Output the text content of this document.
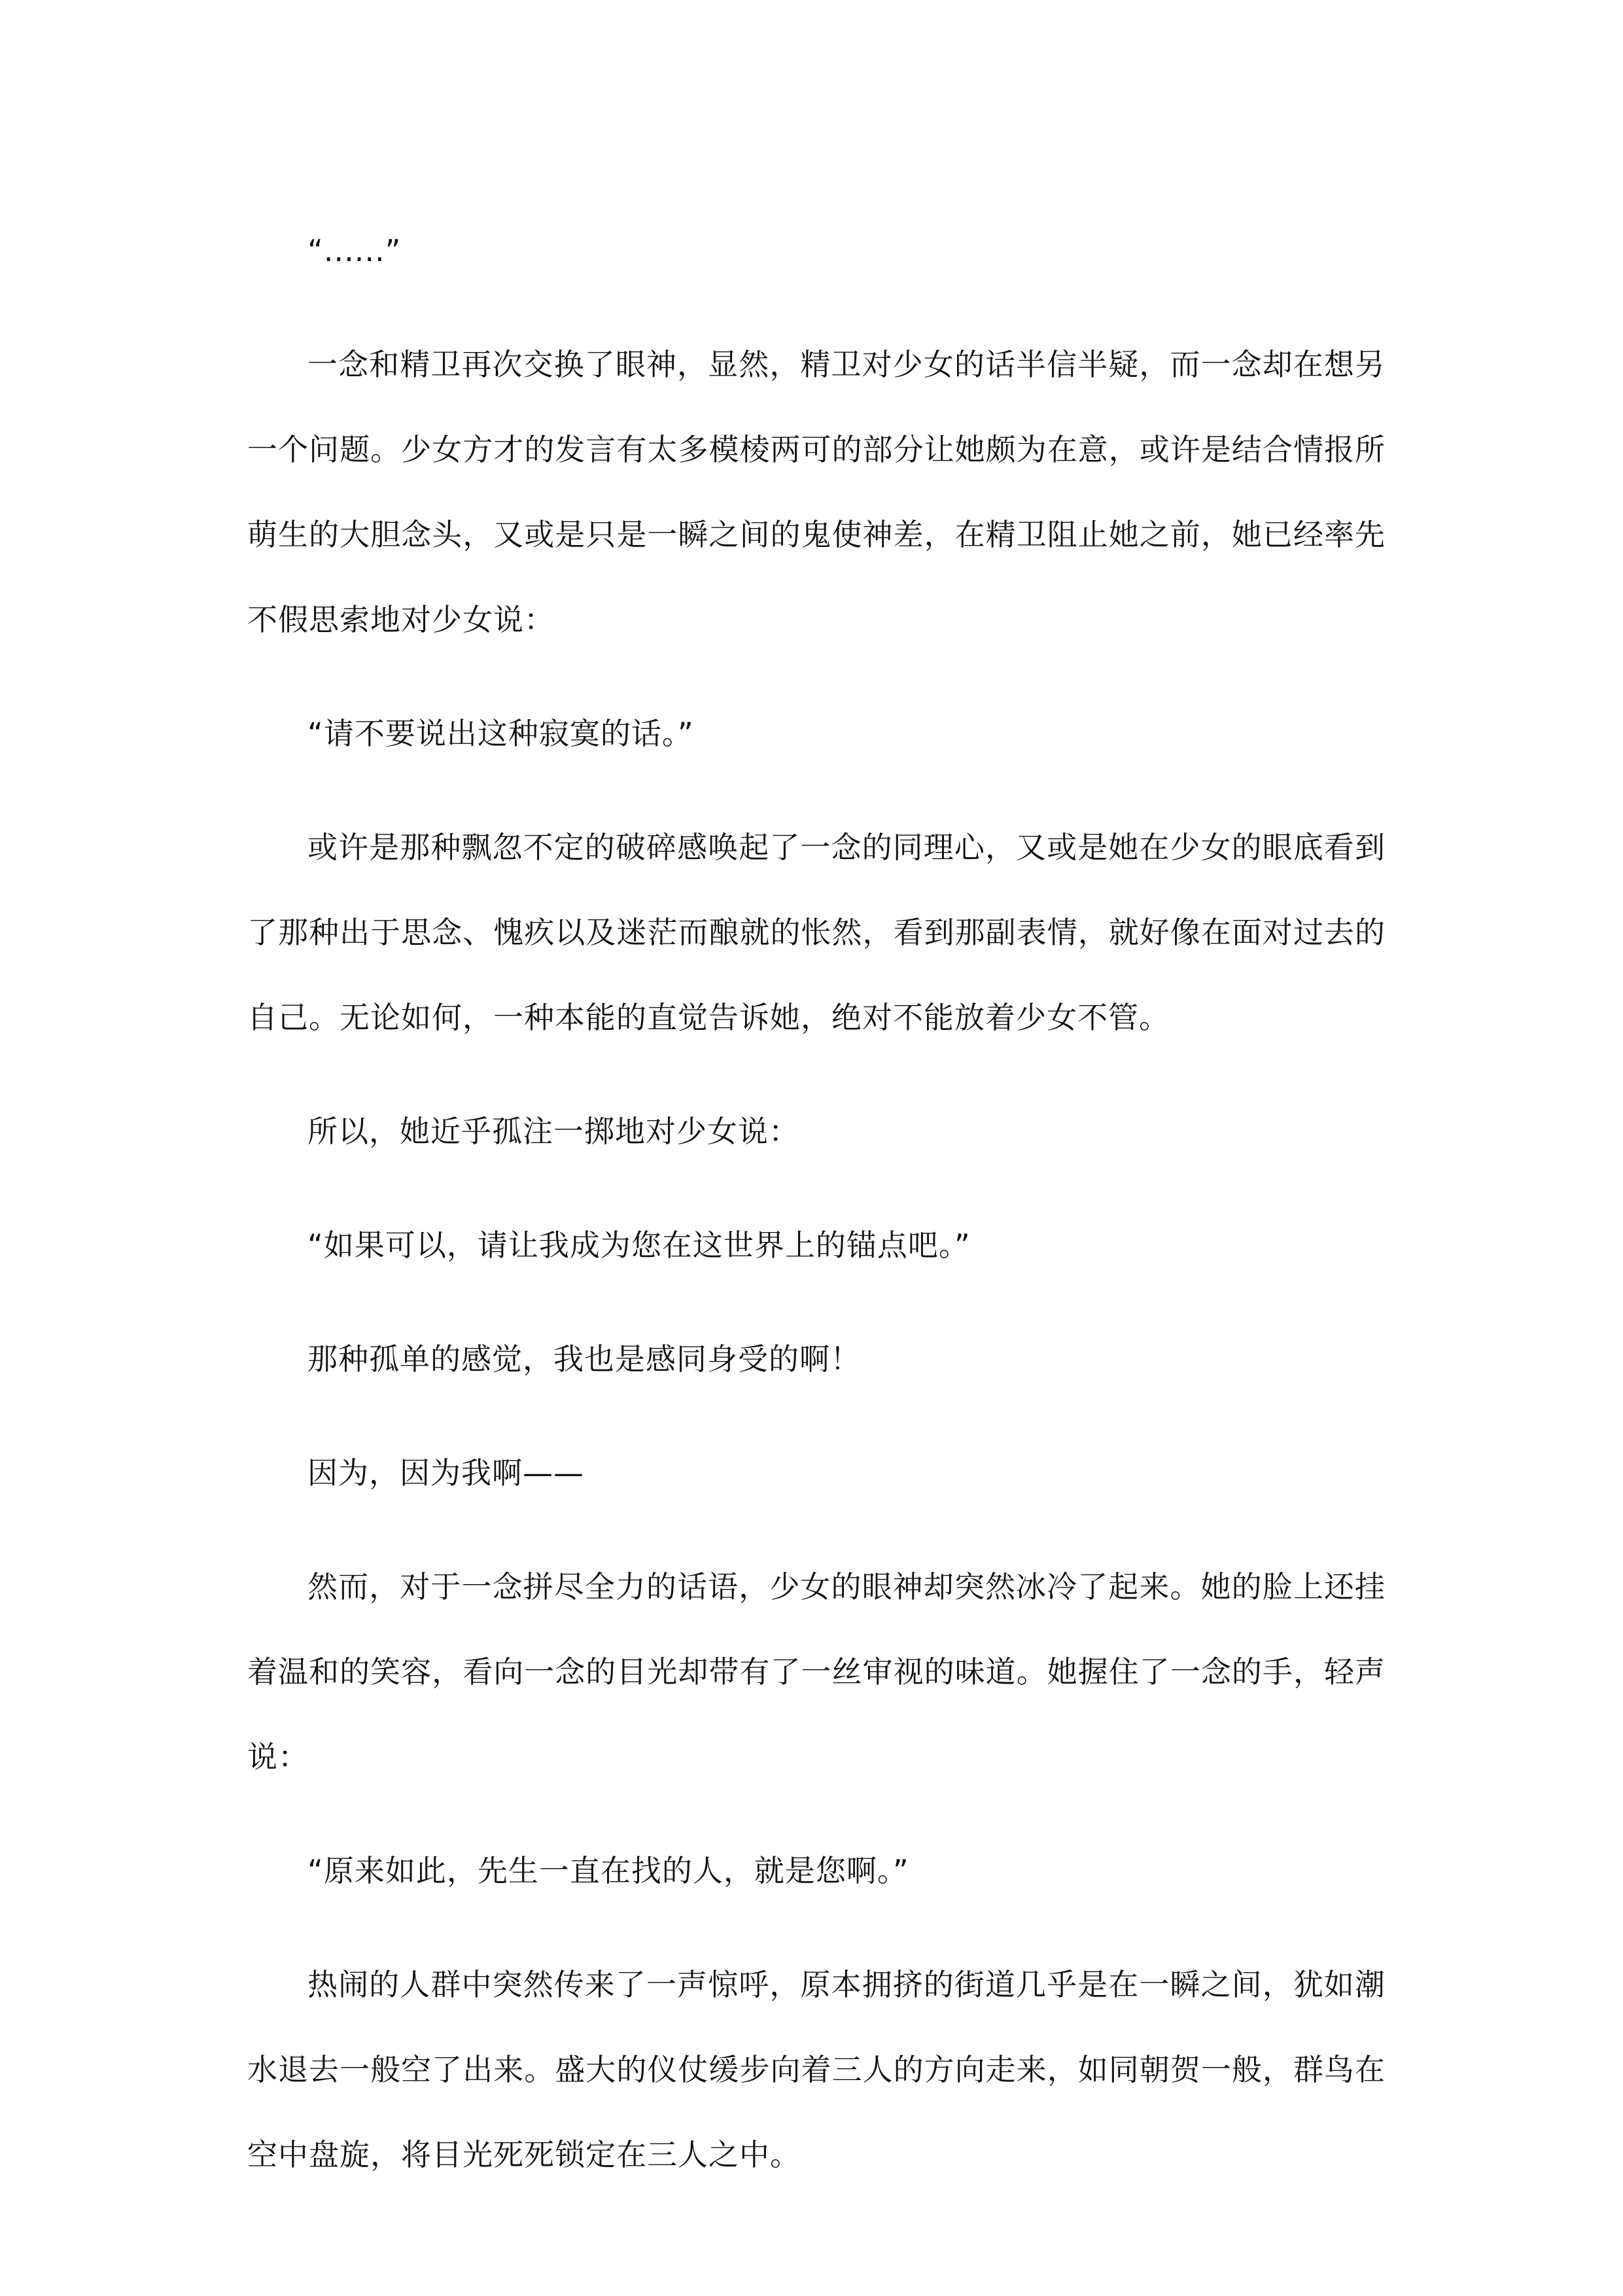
“......”

一念和精卫再次交换了眼神，显然，精卫对少女的话半信半疑，而一念却在想另一个问题。少女方才的发言有太多模棱两可的部分让她颇为在意，或许是结合情报所萌生的大胆念头，又或是只是一瞬之间的鬼使神差，在精卫阻止她之前，她已经率先不假思索地对少女说：

“请不要说出这种寂寞的话。”

或许是那种飘忽不定的破碎感唤起了一念的同理心，又或是她在少女的眼底看到了那种出于思念、愧疚以及迷茫而酿就的怅然，看到那副表情，就好像在面对过去的自己。无论如何，一种本能的直觉告诉她，绝对不能放着少女不管。

所以，她近乎孤注一掷地对少女说：

“如果可以，请让我成为您在这世界上的锚点吧。”

那种孤单的感觉，我也是感同身受的啊！

因为，因为我啊——

然而，对于一念拼尽全力的话语，少女的眼神却突然冰冷了起来。她的脸上还挂着温和的笑容，看向一念的目光却带有了一丝审视的味道。她握住了一念的手，轻声说：

“原来如此，先生一直在找的人，就是您啊。”

热闹的人群中突然传来了一声惊呼，原本拥挤的街道几乎是在一瞬之间，犹如潮水退去一般空了出来。盛大的仪仗缓步向着三人的方向走来，如同朝贺一般，群鸟在空中盘旋，将目光死死锁定在三人之中。
